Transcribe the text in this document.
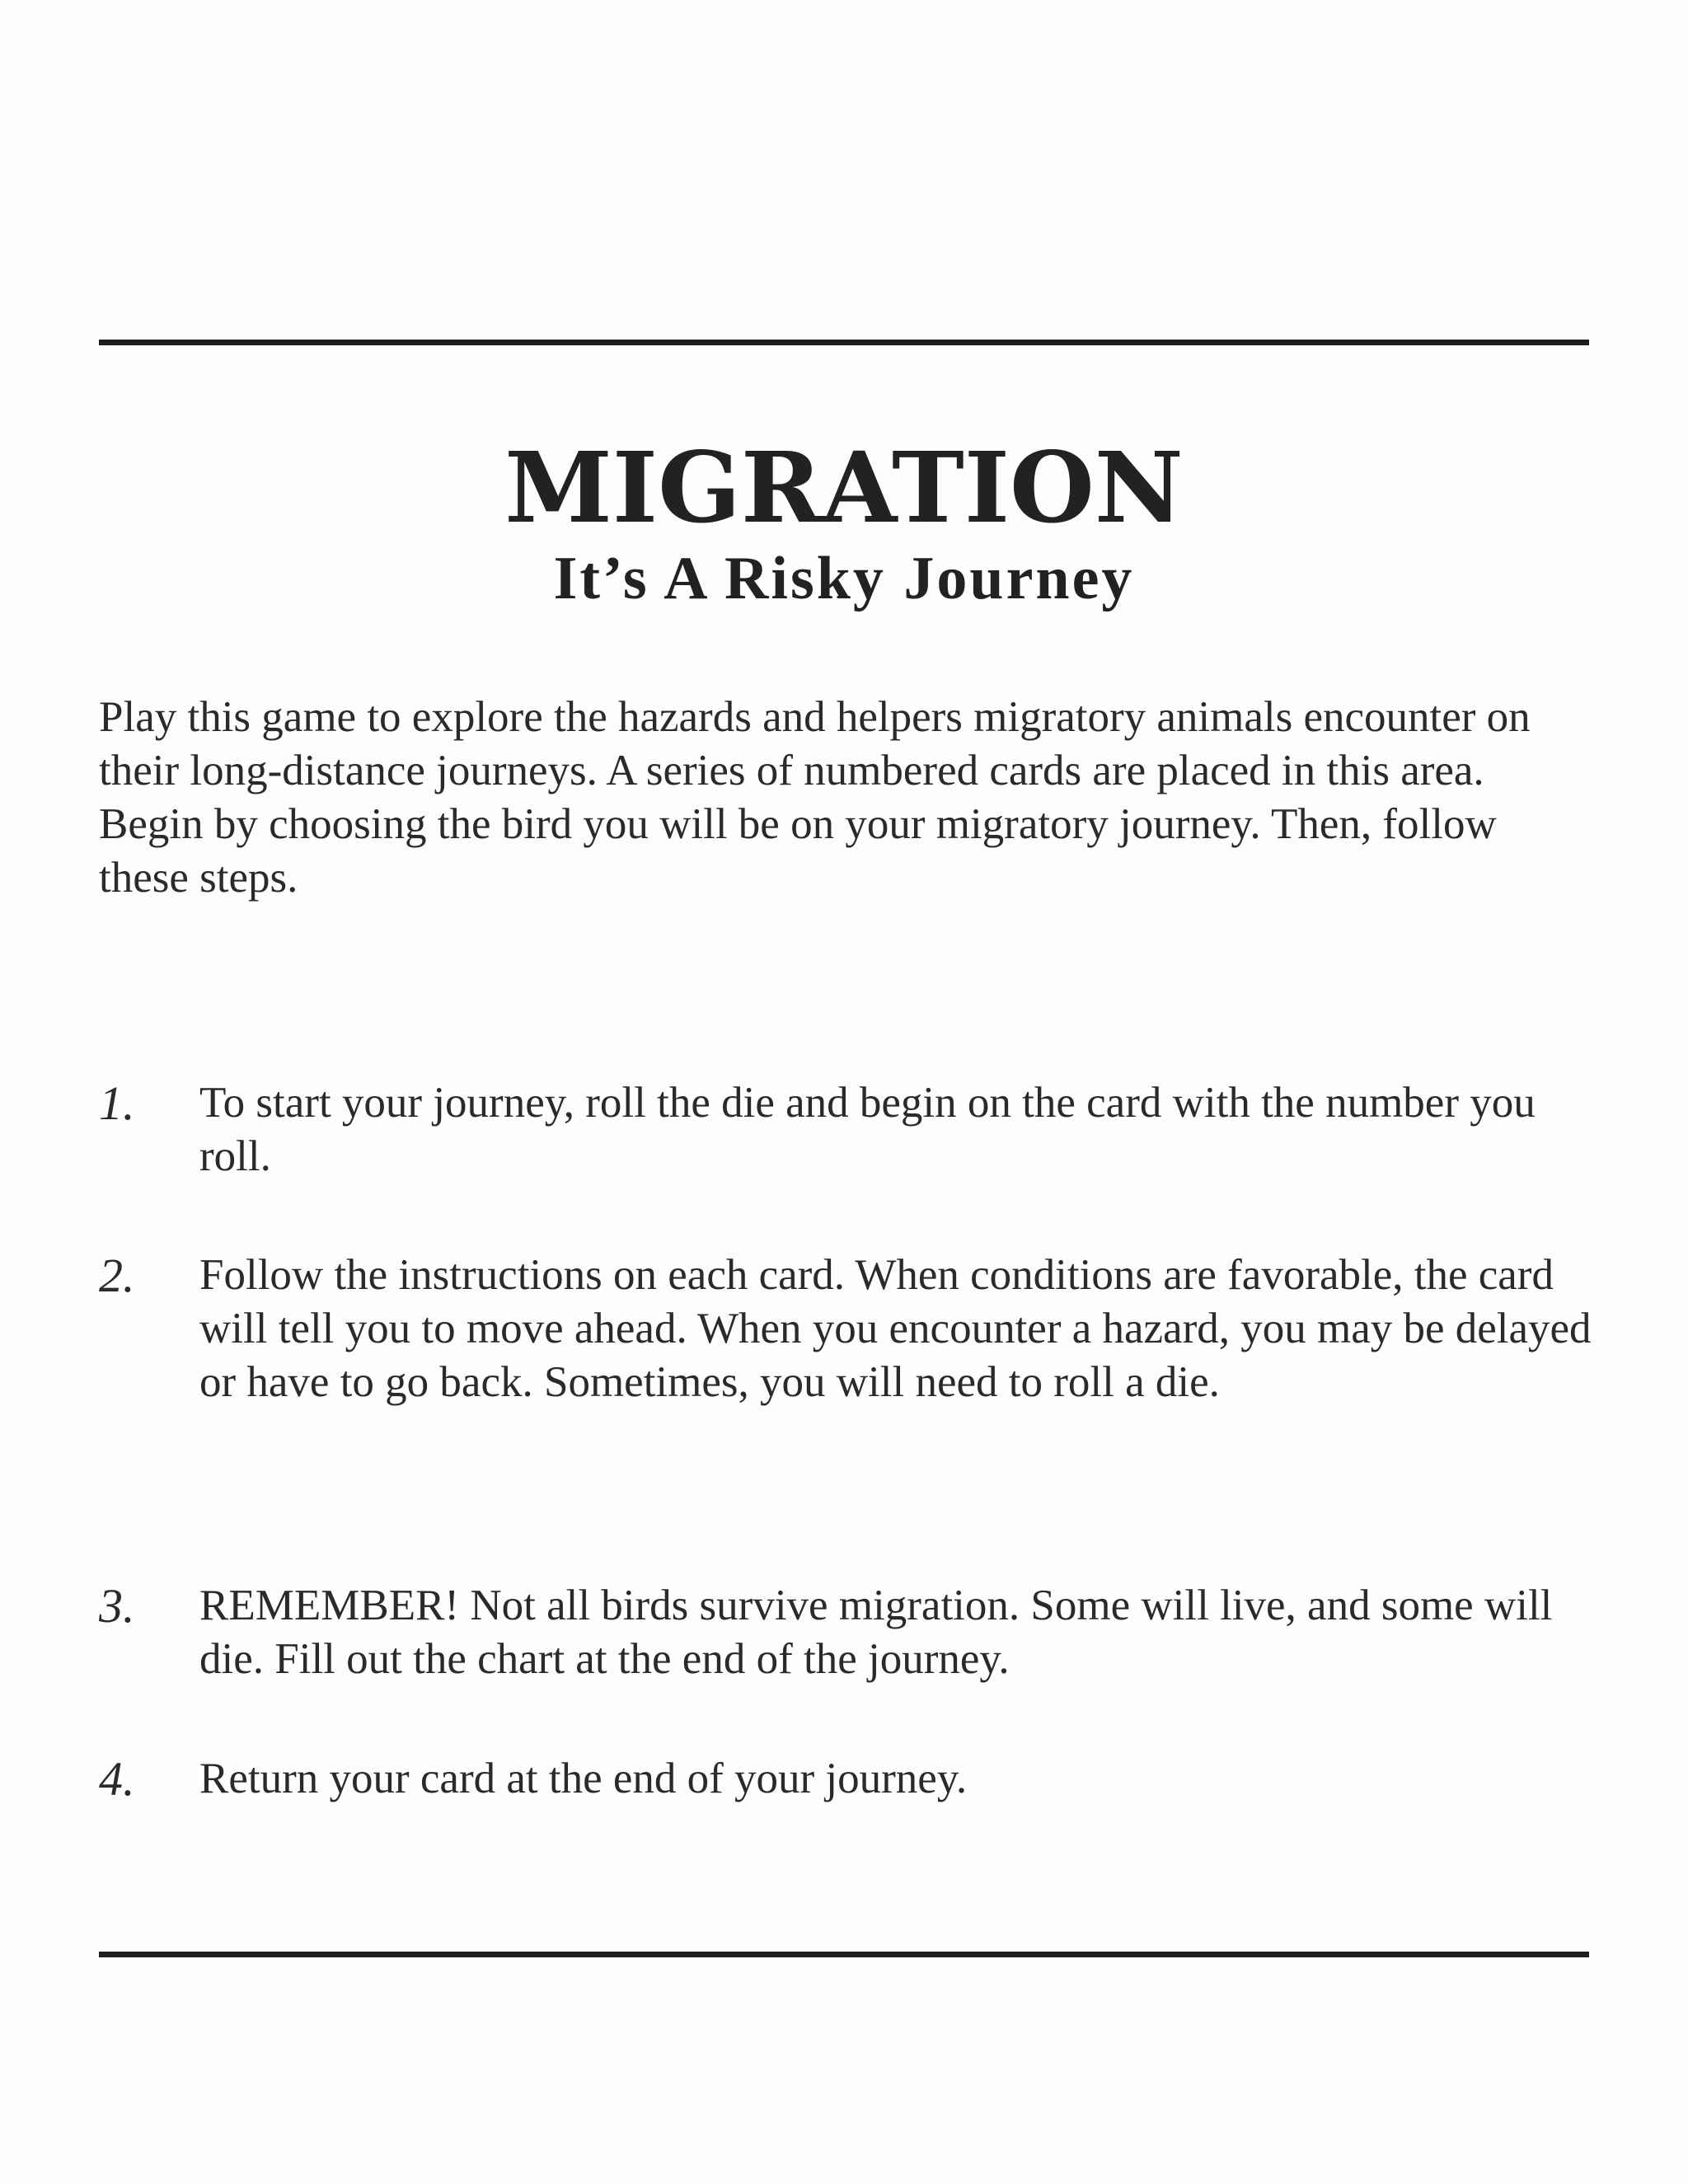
MIGRATION
It’s A Risky Journey

Play this game to explore the hazards and helpers migratory animals encounter on their long-distance journeys. A series of numbered cards are placed in this area. Begin by choosing the bird you will be on your migratory journey. Then, follow these steps.

1.	To start your journey, roll the die and begin on the card with the number you roll.

2.	Follow the instructions on each card. When conditions are favorable, the card will tell you to move ahead. When you encounter a hazard, you may be delayed or have to go back. Sometimes, you will need to roll a die.

3.	REMEMBER! Not all birds survive migration. Some will live, and some will die. Fill out the chart at the end of the journey.

4.	Return your card at the end of your journey.
